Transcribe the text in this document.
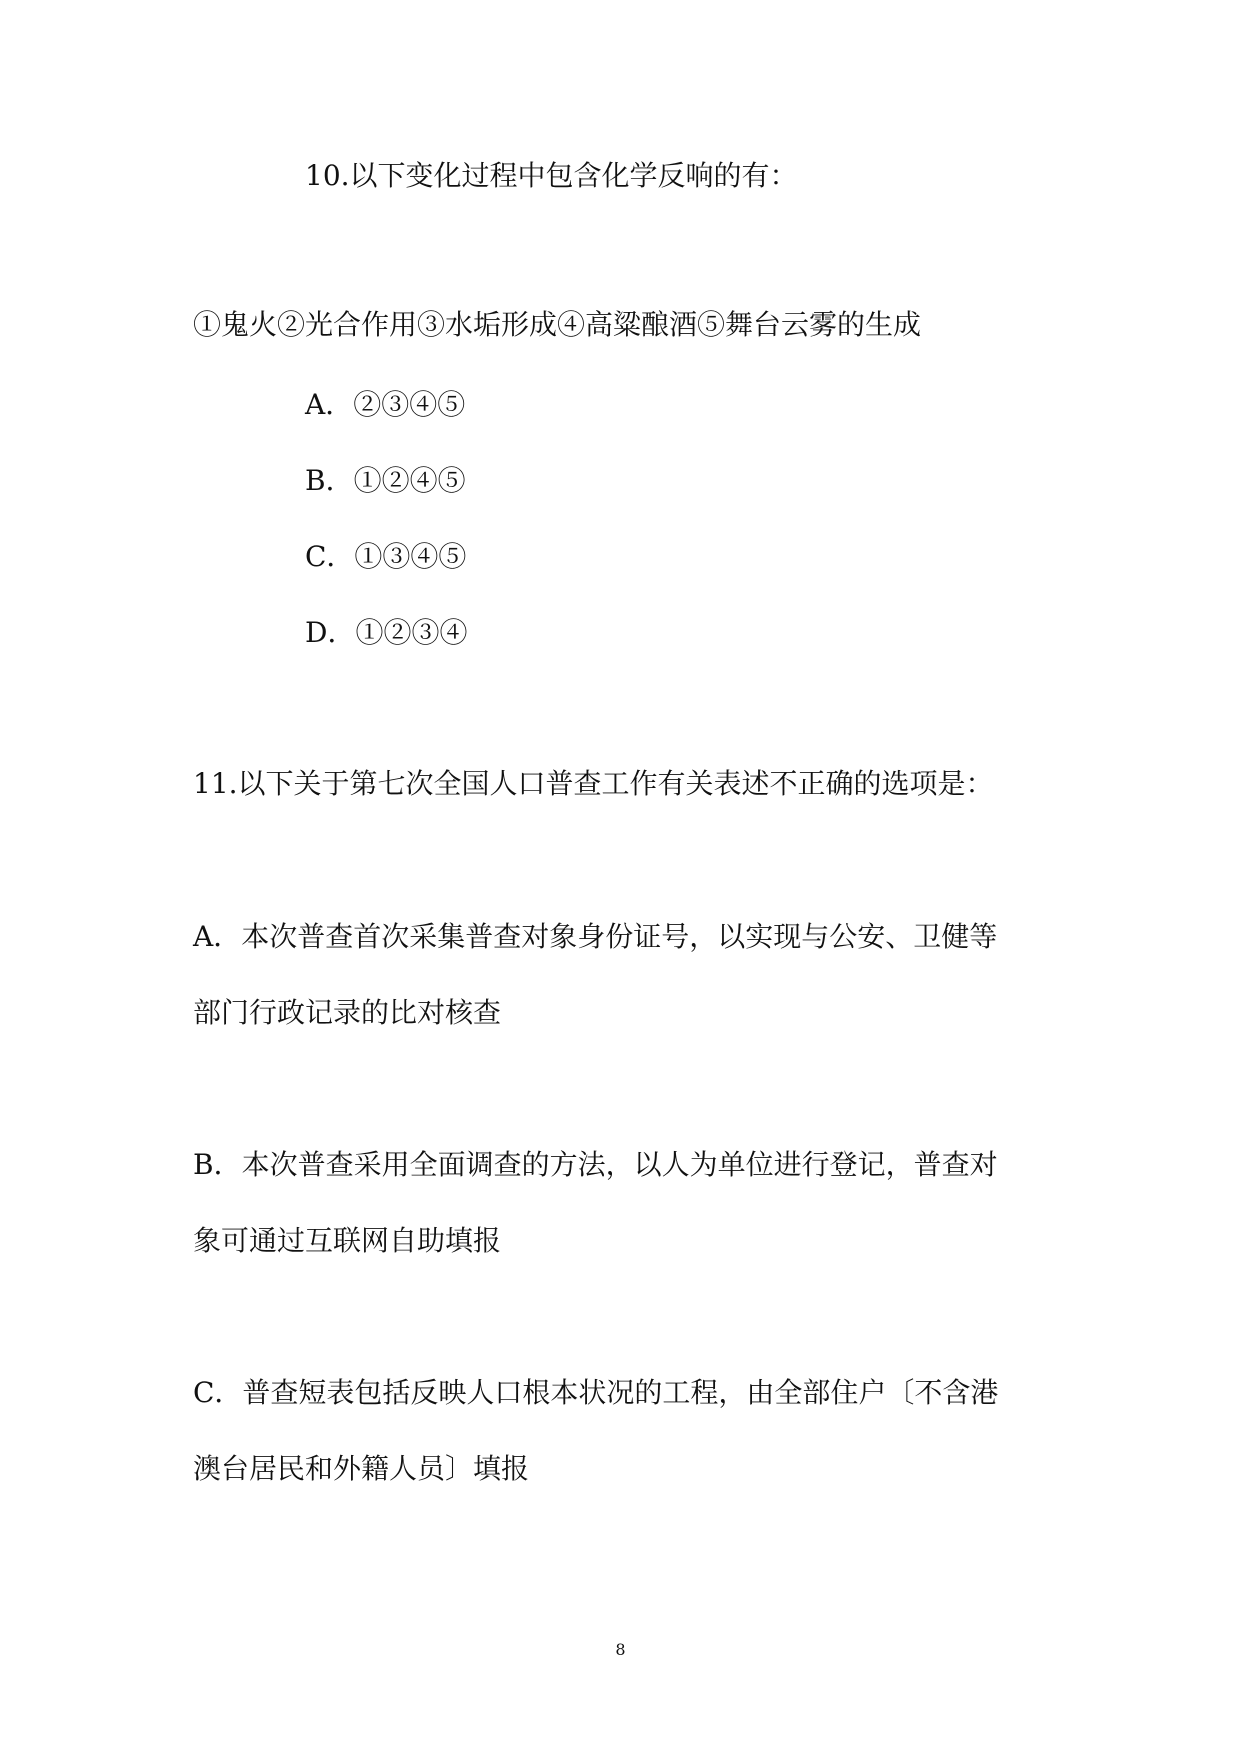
10.以下变化过程中包含化学反响的有：
①鬼火②光合作用③水垢形成④高粱酿酒⑤舞台云雾的生成
A．②③④⑤
B．①②④⑤
C．①③④⑤
D．①②③④
11.以下关于第七次全国人口普查工作有关表述不正确的选项是：
A．本次普查首次采集普查对象身份证号，以实现与公安、卫健等
部门行政记录的比对核查
B．本次普查采用全面调查的方法，以人为单位进行登记，普查对
象可通过互联网自助填报
C．普查短表包括反映人口根本状况的工程，由全部住户〔不含港
澳台居民和外籍人员〕填报
8
